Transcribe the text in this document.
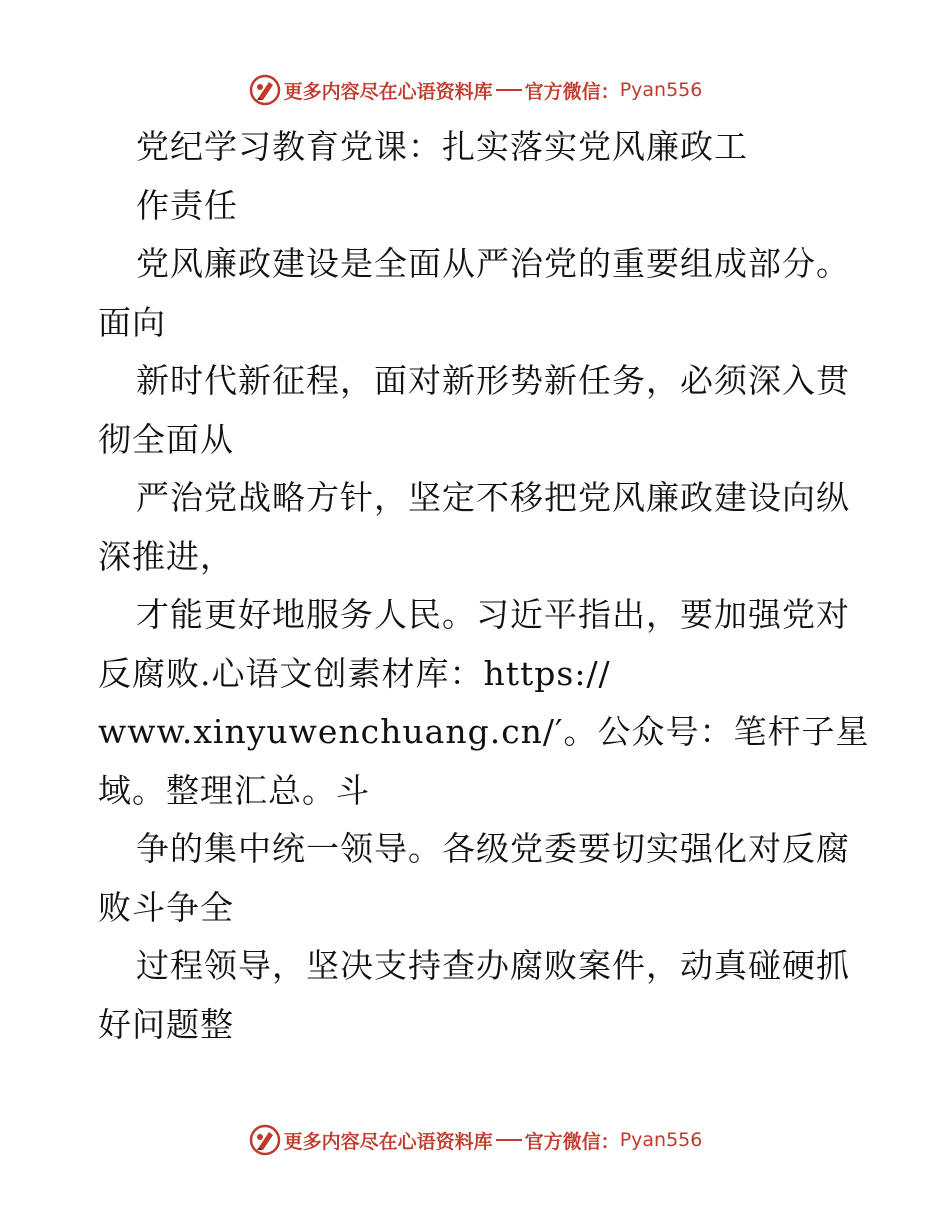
更多内容尽在心语资料库 官方微信： Pyan556
党纪学习教育党课：扎实落实党风廉政工
作责任
党风廉政建设是全面从严治党的重要组成部分。
面向
新时代新征程，面对新形势新任务，必须深入贯
彻全面从
严治党战略方针，坚定不移把党风廉政建设向纵
深推进，
才能更好地服务人民。习近平指出，要加强党对
反腐败.心语文创素材库：https://
www.xinyuwenchuang.cn/′。公众号：笔杆子星
域。整理汇总。斗
争的集中统一领导。各级党委要切实强化对反腐
败斗争全
过程领导，坚决支持查办腐败案件，动真碰硬抓
好问题整
更多内容尽在心语资料库 官方微信： Pyan556
